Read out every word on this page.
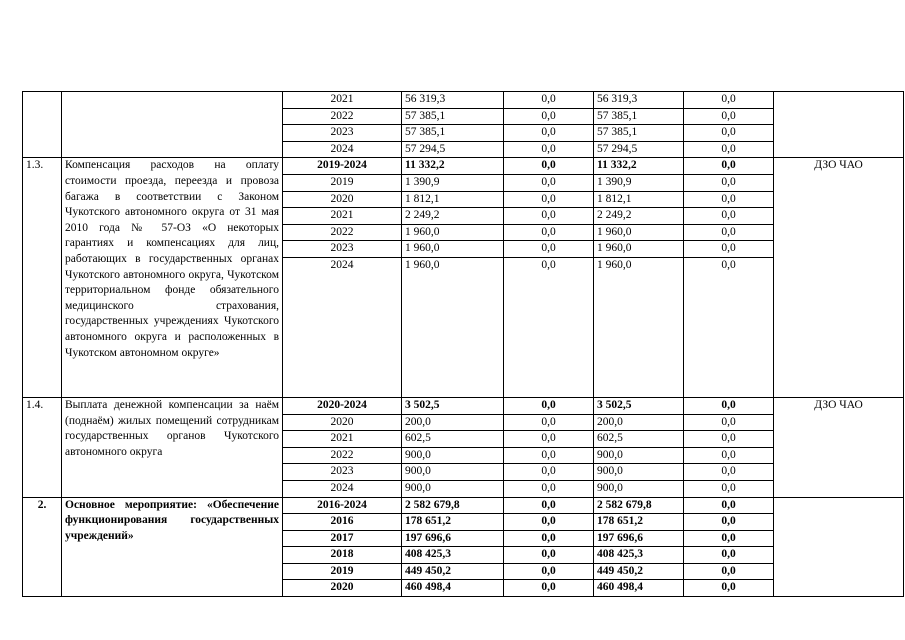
		2021	56 319,3	0,0	56 319,3	0,0	
		2022	57 385,1	0,0	57 385,1	0,0	
		2023	57 385,1	0,0	57 385,1	0,0	
		2024	57 294,5	0,0	57 294,5	0,0	
1.3.	Компенсация расходов на оплату стоимости проезда, переезда и провоза багажа в соответствии с Законом Чукотского автономного округа от 31 мая 2010 года № 57-ОЗ «О некоторых гарантиях и компенсациях для лиц, работающих в государственных органах Чукотского автономного округа, Чукотском территориальном фонде обязательного медицинского страхования, государственных учреждениях Чукотского автономного округа и расположенных в Чукотском автономном округе»	2019-2024	11 332,2	0,0	11 332,2	0,0	ДЗО ЧАО
		2019	1 390,9	0,0	1 390,9	0,0	
		2020	1 812,1	0,0	1 812,1	0,0	
		2021	2 249,2	0,0	2 249,2	0,0	
		2022	1 960,0	0,0	1 960,0	0,0	
		2023	1 960,0	0,0	1 960,0	0,0	
		2024	1 960,0	0,0	1 960,0	0,0	
1.4.	Выплата денежной компенсации за наём (поднаём) жилых помещений сотрудникам государственных органов Чукотского автономного округа	2020-2024	3 502,5	0,0	3 502,5	0,0	ДЗО ЧАО
		2020	200,0	0,0	200,0	0,0	
		2021	602,5	0,0	602,5	0,0	
		2022	900,0	0,0	900,0	0,0	
		2023	900,0	0,0	900,0	0,0	
		2024	900,0	0,0	900,0	0,0	
2.	Основное мероприятие: «Обеспечение функционирования государственных учреждений»	2016-2024	2 582 679,8	0,0	2 582 679,8	0,0	
		2016	178 651,2	0,0	178 651,2	0,0	
		2017	197 696,6	0,0	197 696,6	0,0	
		2018	408 425,3	0,0	408 425,3	0,0	
		2019	449 450,2	0,0	449 450,2	0,0	
		2020	460 498,4	0,0	460 498,4	0,0	
